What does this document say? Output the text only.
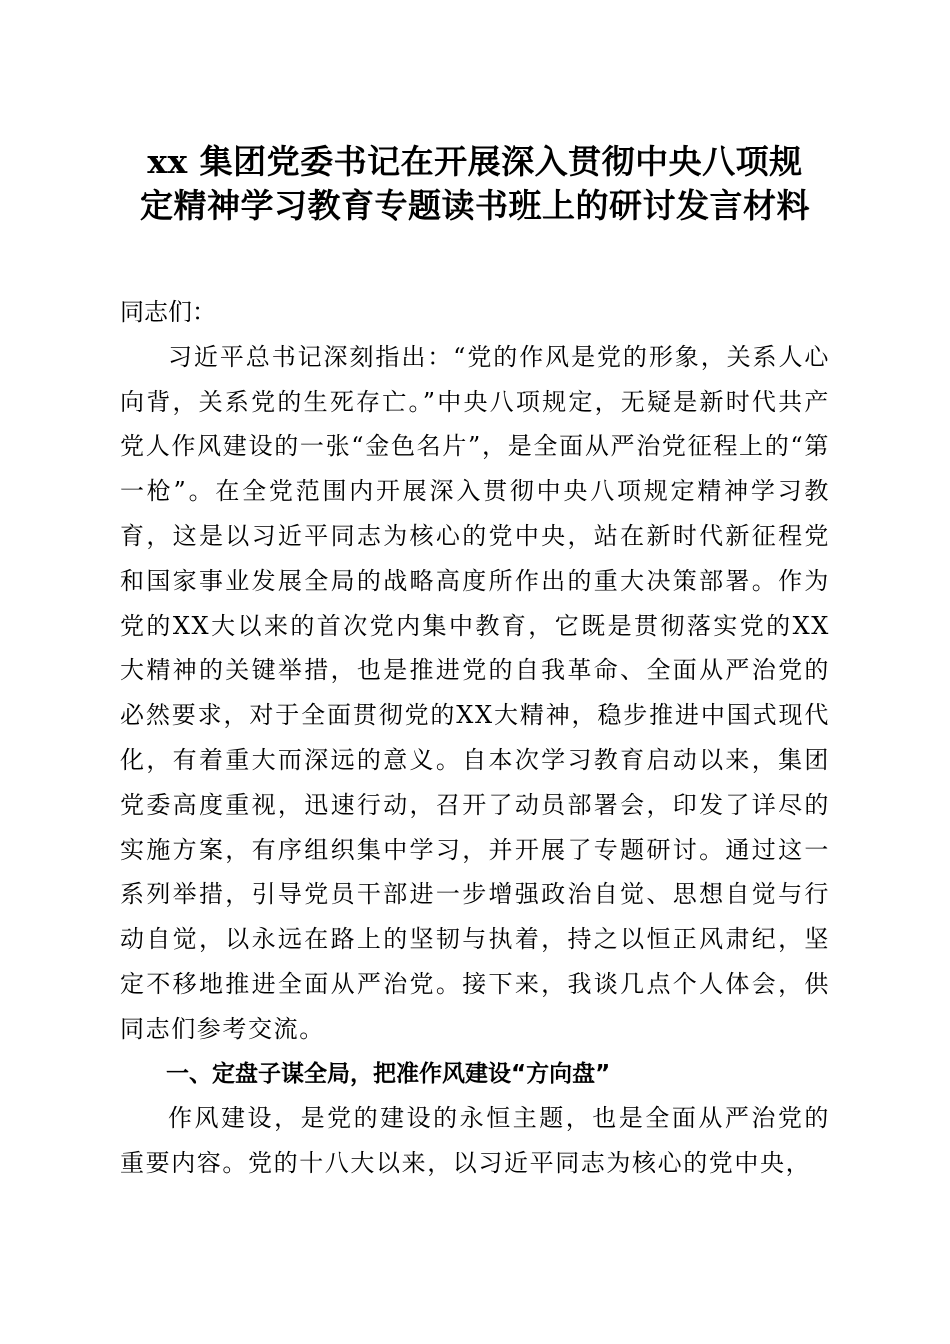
xx 集团党委书记在开展深入贯彻中央八项规
定精神学习教育专题读书班上的研讨发言材料

同志们：

习近平总书记深刻指出：“党的作风是党的形象，关系人心向背，关系党的生死存亡。”中央八项规定，无疑是新时代共产党人作风建设的一张“金色名片”，是全面从严治党征程上的“第一枪”。在全党范围内开展深入贯彻中央八项规定精神学习教育，这是以习近平同志为核心的党中央，站在新时代新征程党和国家事业发展全局的战略高度所作出的重大决策部署。作为党的XX大以来的首次党内集中教育，它既是贯彻落实党的XX大精神的关键举措，也是推进党的自我革命、全面从严治党的必然要求，对于全面贯彻党的XX大精神，稳步推进中国式现代化，有着重大而深远的意义。自本次学习教育启动以来，集团党委高度重视，迅速行动，召开了动员部署会，印发了详尽的实施方案，有序组织集中学习，并开展了专题研讨。通过这一系列举措，引导党员干部进一步增强政治自觉、思想自觉与行动自觉，以永远在路上的坚韧与执着，持之以恒正风肃纪，坚定不移地推进全面从严治党。接下来，我谈几点个人体会，供同志们参考交流。

一、定盘子谋全局，把准作风建设“方向盘”

作风建设，是党的建设的永恒主题，也是全面从严治党的重要内容。党的十八大以来，以习近平同志为核心的党中央，
